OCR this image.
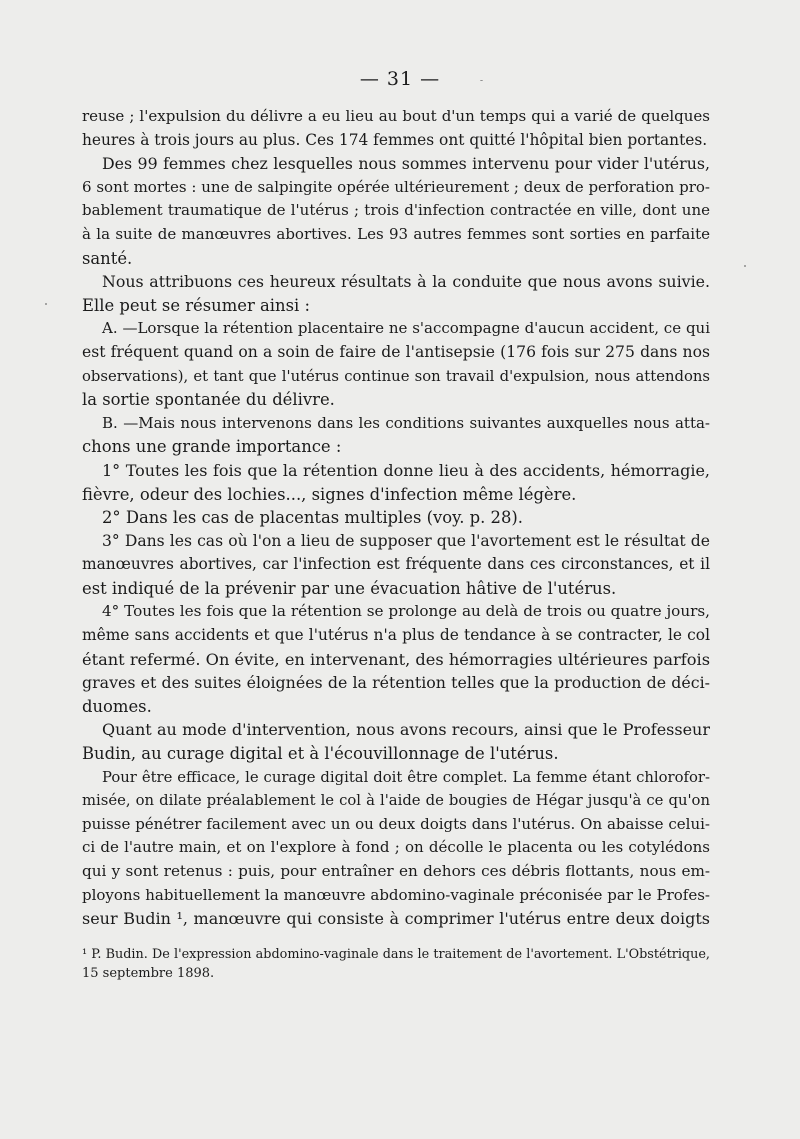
— 31 —
reuse ; l'expulsion du délivre a eu lieu au bout d'un temps qui a varié de quelques
heures à trois jours au plus. Ces 174 femmes ont quitté l'hôpital bien portantes.
Des 99 femmes chez lesquelles nous sommes intervenu pour vider l'utérus,
6 sont mortes : une de salpingite opérée ultérieurement ; deux de perforation pro-
bablement traumatique de l'utérus ; trois d'infection contractée en ville, dont une
à la suite de manœuvres abortives. Les 93 autres femmes sont sorties en parfaite
santé.
Nous attribuons ces heureux résultats à la conduite que nous avons suivie.
Elle peut se résumer ainsi :
A. —Lorsque la rétention placentaire ne s'accompagne d'aucun accident, ce qui
est fréquent quand on a soin de faire de l'antisepsie (176 fois sur 275 dans nos
observations), et tant que l'utérus continue son travail d'expulsion, nous attendons
la sortie spontanée du délivre.
B. —Mais nous intervenons dans les conditions suivantes auxquelles nous atta-
chons une grande importance :
1° Toutes les fois que la rétention donne lieu à des accidents, hémorragie,
fièvre, odeur des lochies..., signes d'infection même légère.
2° Dans les cas de placentas multiples (voy. p. 28).
3° Dans les cas où l'on a lieu de supposer que l'avortement est le résultat de
manœuvres abortives, car l'infection est fréquente dans ces circonstances, et il
est indiqué de la prévenir par une évacuation hâtive de l'utérus.
4° Toutes les fois que la rétention se prolonge au delà de trois ou quatre jours,
même sans accidents et que l'utérus n'a plus de tendance à se contracter, le col
étant refermé. On évite, en intervenant, des hémorragies ultérieures parfois
graves et des suites éloignées de la rétention telles que la production de déci-
duomes.
Quant au mode d'intervention, nous avons recours, ainsi que le Professeur
Budin, au curage digital et à l'écouvillonnage de l'utérus.
Pour être efficace, le curage digital doit être complet. La femme étant chlorofor-
misée, on dilate préalablement le col à l'aide de bougies de Hégar jusqu'à ce qu'on
puisse pénétrer facilement avec un ou deux doigts dans l'utérus. On abaisse celui-
ci de l'autre main, et on l'explore à fond ; on décolle le placenta ou les cotylédons
qui y sont retenus : puis, pour entraîner en dehors ces débris flottants, nous em-
ployons habituellement la manœuvre abdomino-vaginale préconisée par le Profes-
seur Budin ¹, manœuvre qui consiste à comprimer l'utérus entre deux doigts
¹ P. Budin. De l'expression abdomino-vaginale dans le traitement de l'avortement. L'Obstétrique,
15 septembre 1898.
